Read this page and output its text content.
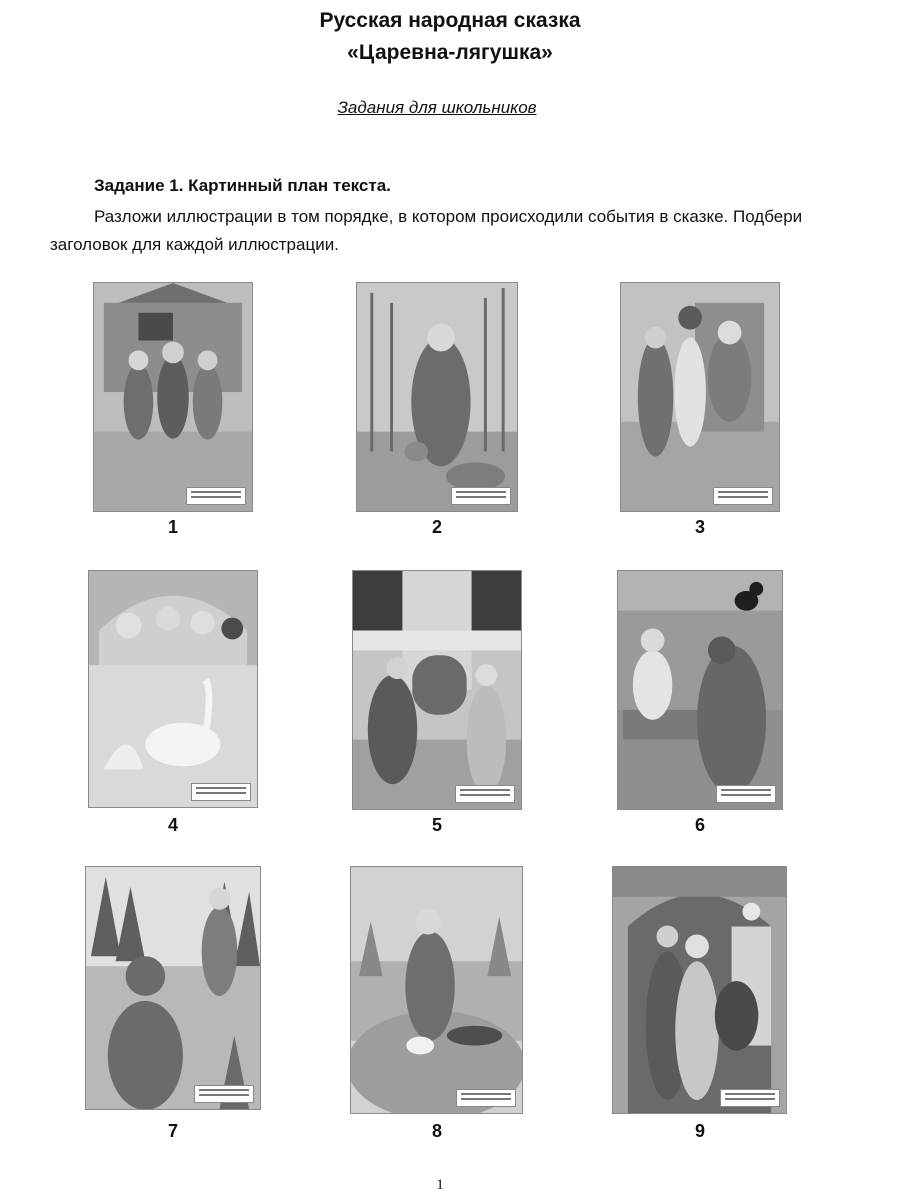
Русская народная сказка
«Царевна-лягушка»
Задания для школьников
Задание 1. Картинный план текста.

Разложи иллюстрации в том порядке, в котором происходили события в сказке. Подбери заголовок для каждой иллюстрации.

1	2	3
4	5	6
7	8	9
1
